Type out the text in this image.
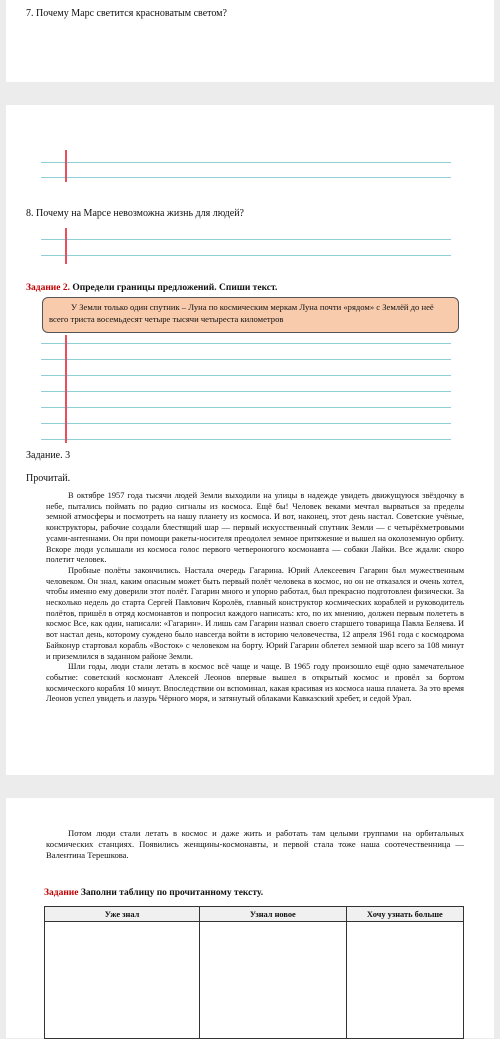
7. Почему Марс светится красноватым светом?
8. Почему на Марсе невозможна жизнь для людей?
Задание 2. Определи границы предложений. Спиши текст.

У Земли только один спутник – Луна по космическим меркам Луна почти «рядом» с Землёй до неё всего триста восемьдесят четыре тысячи четыреста километров

Задание. 3
Прочитай.

В октябре 1957 года тысячи людей Земли выходили на улицы в надежде увидеть движущуюся звёздочку в небе, пытались поймать по радио сигналы из космоса. Ещё бы! Человек веками мечтал вырваться за пределы земной атмосферы и посмотреть на нашу планету из космоса. И вот, наконец, этот день настал. Советские учёные, конструкторы, рабочие создали блестящий шар — первый искусственный спутник Земли — с четырёхметровыми усами-антеннами. Он при помощи ракеты-носителя преодолел земное притяжение и вышел на околоземную орбиту. Вскоре люди услышали из космоса голос первого четвероногого космонавта — собаки Лайки. Все ждали: скоро полетит человек.

Пробные полёты закончились. Настала очередь Гагарина. Юрий Алексеевич Гагарин был мужественным человеком. Он знал, каким опасным может быть первый полёт человека в космос, но он не отказался и очень хотел, чтобы именно ему доверили этот полёт. Гагарин много и упорно работал, был прекрасно подготовлен физически. За несколько недель до старта Сергей Павлович Королёв, главный конструктор космических кораблей и руководитель полётов, пришёл в отряд космонавтов и попросил каждого написать: кто, по их мнению, должен первым полететь в космос Все, как один, написали: «Гагарин». И лишь сам Гагарин назвал своего старшего товарища Павла Беляева. И вот настал день, которому суждено было навсегда войти в историю человечества, 12 апреля 1961 года с космодрома Байконур стартовал корабль «Восток» с человеком на борту. Юрий Гагарин облетел земной шар всего за 108 минут и приземлился в заданном районе Земли.

Шли годы, люди стали летать в космос всё чаще и чаще. В 1965 году произошло ещё одно замечательное событие: советский космонавт Алексей Леонов впервые вышел в открытый космос и провёл за бортом космического корабля 10 минут. Впоследствии он вспоминал, какая красивая из космоса наша планета. За это время Леонов успел увидеть и лазурь Чёрного моря, и затянутый облаками Кавказский хребет, и седой Урал.

Потом люди стали летать в космос и даже жить и работать там целыми группами на орбитальных космических станциях. Появились женщины-космонавты, и первой стала тоже наша соотечественница — Валентина Терешкова.

Задание Заполни таблицу по прочитанному тексту.
Уже знал	Узнал новое	Хочу узнать больше
